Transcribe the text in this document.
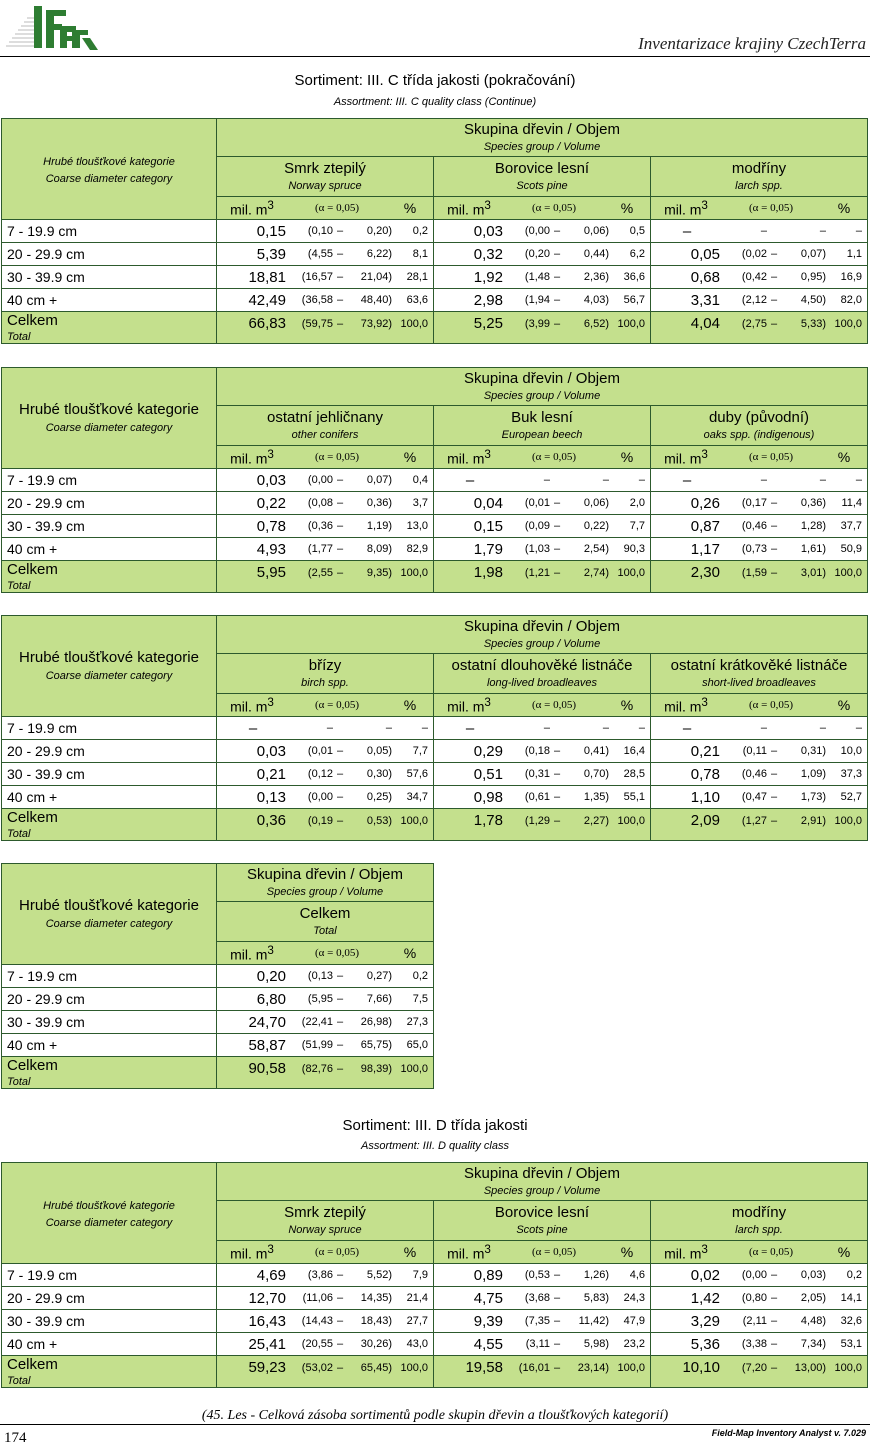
Inventarizace krajiny CzechTerra
Sortiment: III. C třída jakosti (pokračování)
Assortment: III. C quality class (Continue)
Hrubé tloušťkové kategorie
Coarse diameter category	Skupina dřevin / Objem
Species group / Volume		
	Smrk ztepilý
Norway spruce	Borovice lesní
Scots pine	modříny
larch spp.

	mil. $m^3$ (α = 0,05) %	mil. $m^3$ (α = 0,05) %	mil. $m^3$ (α = 0,05) %

7 - 19.9 cm	0,15 (0,10 – 0,20) 0,2	0,03 (0,00 – 0,06) 0,5	– – – –

20 - 29.9 cm	5,39 (4,55 – 6,22) 8,1	0,32 (0,20 – 0,44) 6,2	0,05 (0,02 – 0,07) 1,1

30 - 39.9 cm	18,81 (16,57 – 21,04) 28,1	1,92 (1,48 – 2,36) 36,6	0,68 (0,42 – 0,95) 16,9

40 cm +	42,49 (36,58 – 48,40) 63,6	2,98 (1,94 – 4,03) 56,7	3,31 (2,12 – 4,50) 82,0

Celkem
Total	66,83 (59,75 – 73,92) 100,0	5,25 (3,99 – 6,52) 100,0	4,04 (2,75 – 5,33) 100,0
Hrubé tloušťkové kategorie
Coarse diameter category	Skupina dřevin / Objem
Species group / Volume		
	ostatní jehličnany
other conifers	Buk lesní
European beech	duby (původní)
oaks spp. (indigenous)

	mil. $m^3$ (α = 0,05) %	mil. $m^3$ (α = 0,05) %	mil. $m^3$ (α = 0,05) %

7 - 19.9 cm	0,03 (0,00 – 0,07) 0,4	– – – –	– – – –

20 - 29.9 cm	0,22 (0,08 – 0,36) 3,7	0,04 (0,01 – 0,06) 2,0	0,26 (0,17 – 0,36) 11,4

30 - 39.9 cm	0,78 (0,36 – 1,19) 13,0	0,15 (0,09 – 0,22) 7,7	0,87 (0,46 – 1,28) 37,7

40 cm +	4,93 (1,77 – 8,09) 82,9	1,79 (1,03 – 2,54) 90,3	1,17 (0,73 – 1,61) 50,9

Celkem
Total	5,95 (2,55 – 9,35) 100,0	1,98 (1,21 – 2,74) 100,0	2,30 (1,59 – 3,01) 100,0
Hrubé tloušťkové kategorie
Coarse diameter category	Skupina dřevin / Objem
Species group / Volume		
	břízy
birch spp.	ostatní dlouhověké listnáče
long-lived broadleaves	ostatní krátkověké listnáče
short-lived broadleaves

	mil. $m^3$ (α = 0,05) %	mil. $m^3$ (α = 0,05) %	mil. $m^3$ (α = 0,05) %

7 - 19.9 cm	– – – –	– – – –	– – – –

20 - 29.9 cm	0,03 (0,01 – 0,05) 7,7	0,29 (0,18 – 0,41) 16,4	0,21 (0,11 – 0,31) 10,0

30 - 39.9 cm	0,21 (0,12 – 0,30) 57,6	0,51 (0,31 – 0,70) 28,5	0,78 (0,46 – 1,09) 37,3

40 cm +	0,13 (0,00 – 0,25) 34,7	0,98 (0,61 – 1,35) 55,1	1,10 (0,47 – 1,73) 52,7

Celkem
Total	0,36 (0,19 – 0,53) 100,0	1,78 (1,29 – 2,27) 100,0	2,09 (1,27 – 2,91) 100,0
Hrubé tloušťkové kategorie
Coarse diameter category	Skupina dřevin / Objem
Species group / Volume
	Celkem
Total

	mil. $m^3$ (α = 0,05) %

7 - 19.9 cm	0,20 (0,13 – 0,27) 0,2

20 - 29.9 cm	6,80 (5,95 – 7,66) 7,5

30 - 39.9 cm	24,70 (22,41 – 26,98) 27,3

40 cm +	58,87 (51,99 – 65,75) 65,0

Celkem
Total	90,58 (82,76 – 98,39) 100,0
Sortiment: III. D třída jakosti
Assortment: III. D quality class
Hrubé tloušťkové kategorie
Coarse diameter category	Skupina dřevin / Objem
Species group / Volume		
	Smrk ztepilý
Norway spruce	Borovice lesní
Scots pine	modříny
larch spp.

	mil. $m^3$ (α = 0,05) %	mil. $m^3$ (α = 0,05) %	mil. $m^3$ (α = 0,05) %

7 - 19.9 cm	4,69 (3,86 – 5,52) 7,9	0,89 (0,53 – 1,26) 4,6	0,02 (0,00 – 0,03) 0,2

20 - 29.9 cm	12,70 (11,06 – 14,35) 21,4	4,75 (3,68 – 5,83) 24,3	1,42 (0,80 – 2,05) 14,1

30 - 39.9 cm	16,43 (14,43 – 18,43) 27,7	9,39 (7,35 – 11,42) 47,9	3,29 (2,11 – 4,48) 32,6

40 cm +	25,41 (20,55 – 30,26) 43,0	4,55 (3,11 – 5,98) 23,2	5,36 (3,38 – 7,34) 53,1

Celkem
Total	59,23 (53,02 – 65,45) 100,0	19,58 (16,01 – 23,14) 100,0	10,10 (7,20 – 13,00) 100,0
(45. Les - Celková zásoba sortimentů podle skupin dřevin a tloušťkových kategorií)
174	Field-Map Inventory Analyst v. 7.029
